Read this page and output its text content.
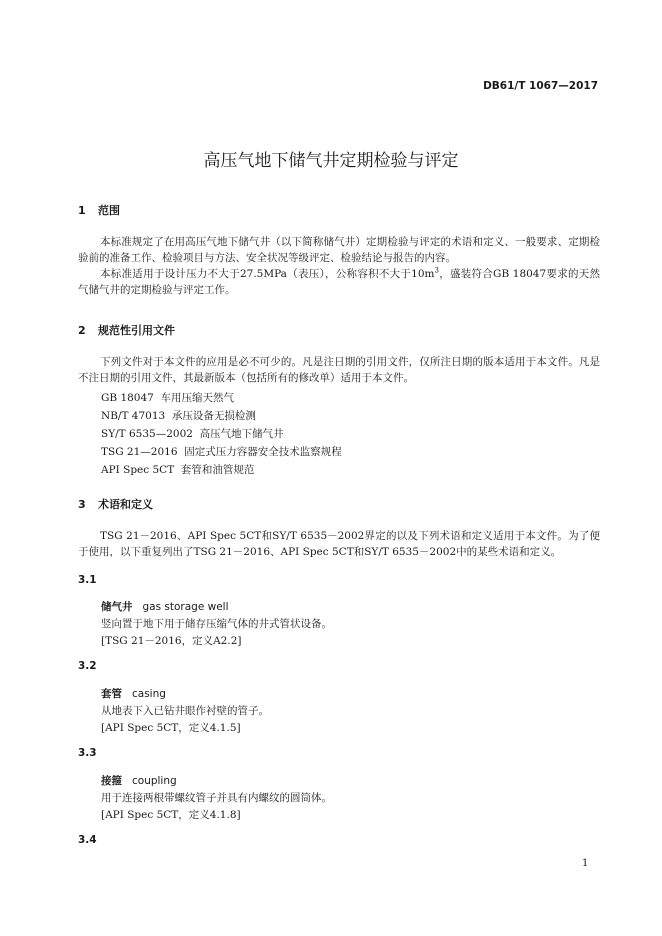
DB61/T 1067—2017
高压气地下储气井定期检验与评定
1 范围
本标准规定了在用高压气地下储气井（以下简称储气井）定期检验与评定的术语和定义、一般要求、定期检验前的准备工作、检验项目与方法、安全状况等级评定、检验结论与报告的内容。
本标准适用于设计压力不大于27.5MPa（表压），公称容积不大于$10m^3$，盛装符合GB 18047要求的天然气储气井的定期检验与评定工作。
2 规范性引用文件
下列文件对于本文件的应用是必不可少的。凡是注日期的引用文件，仅所注日期的版本适用于本文件。凡是不注日期的引用文件，其最新版本（包括所有的修改单）适用于本文件。
GB 18047 车用压缩天然气
NB/T 47013 承压设备无损检测
SY/T 6535—2002 高压气地下储气井
TSG 21—2016 固定式压力容器安全技术监察规程
API Spec 5CT 套管和油管规范
3 术语和定义
TSG 21－2016、API Spec 5CT和SY/T 6535－2002界定的以及下列术语和定义适用于本文件。为了便于使用，以下重复列出了TSG 21－2016、API Spec 5CT和SY/T 6535－2002中的某些术语和定义。
3.1
储气井 gas storage well
竖向置于地下用于储存压缩气体的井式管状设备。
[TSG 21－2016，定义A2.2]
3.2
套管 casing
从地表下入已钻井眼作衬壁的管子。
[API Spec 5CT，定义4.1.5]
3.3
接箍 coupling
用于连接两根带螺纹管子并具有内螺纹的圆筒体。
[API Spec 5CT，定义4.1.8]
3.4
1
